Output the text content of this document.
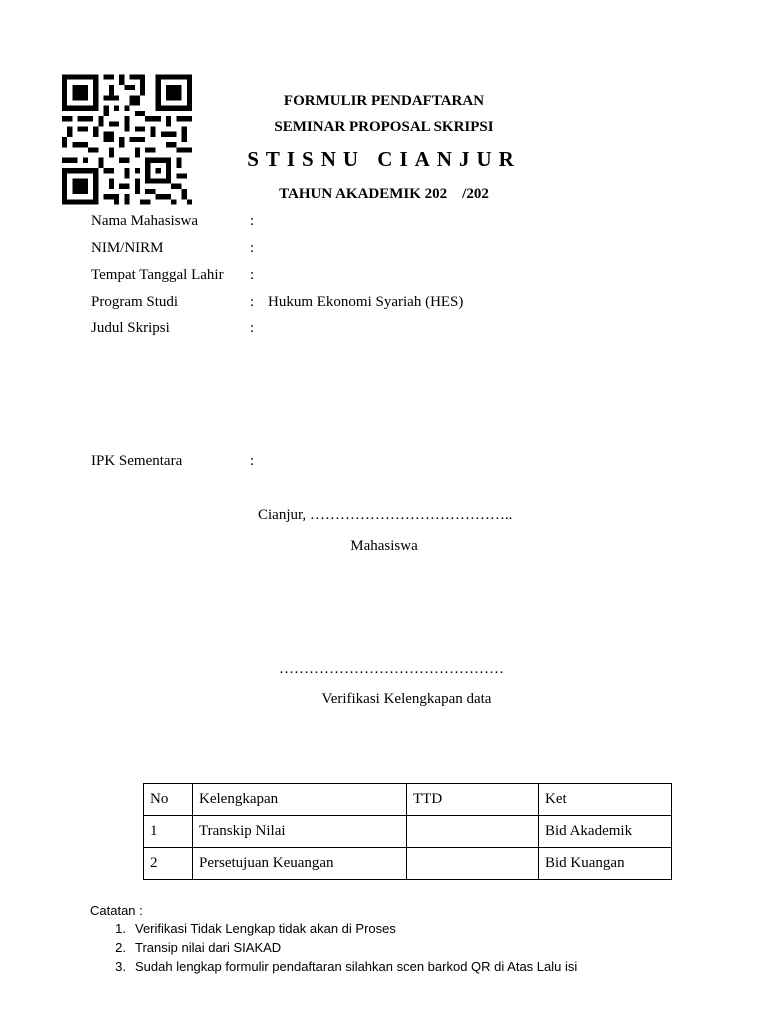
FORMULIR PENDAFTARAN
SEMINAR PROPOSAL SKRIPSI
STISNU CIANJUR
TAHUN AKADEMIK 202    /202
Nama Mahasiswa	:
NIM/NIRM	:
Tempat Tanggal Lahir :
Program Studi	: Hukum Ekonomi Syariah (HES)
Judul Skripsi	:
IPK Sementara	:
Cianjur, …………………………………..
Mahasiswa
………………………………………
Verifikasi Kelengkapan data
No	Kelengkapan	TTD	Ket
1	Transkip Nilai		Bid Akademik
2	Persetujuan Keuangan		Bid Kuangan
Catatan :
1. Verifikasi Tidak Lengkap tidak akan di Proses
2. Transip nilai dari SIAKAD
3. Sudah lengkap formulir pendaftaran silahkan scen barkod QR di Atas Lalu isi
